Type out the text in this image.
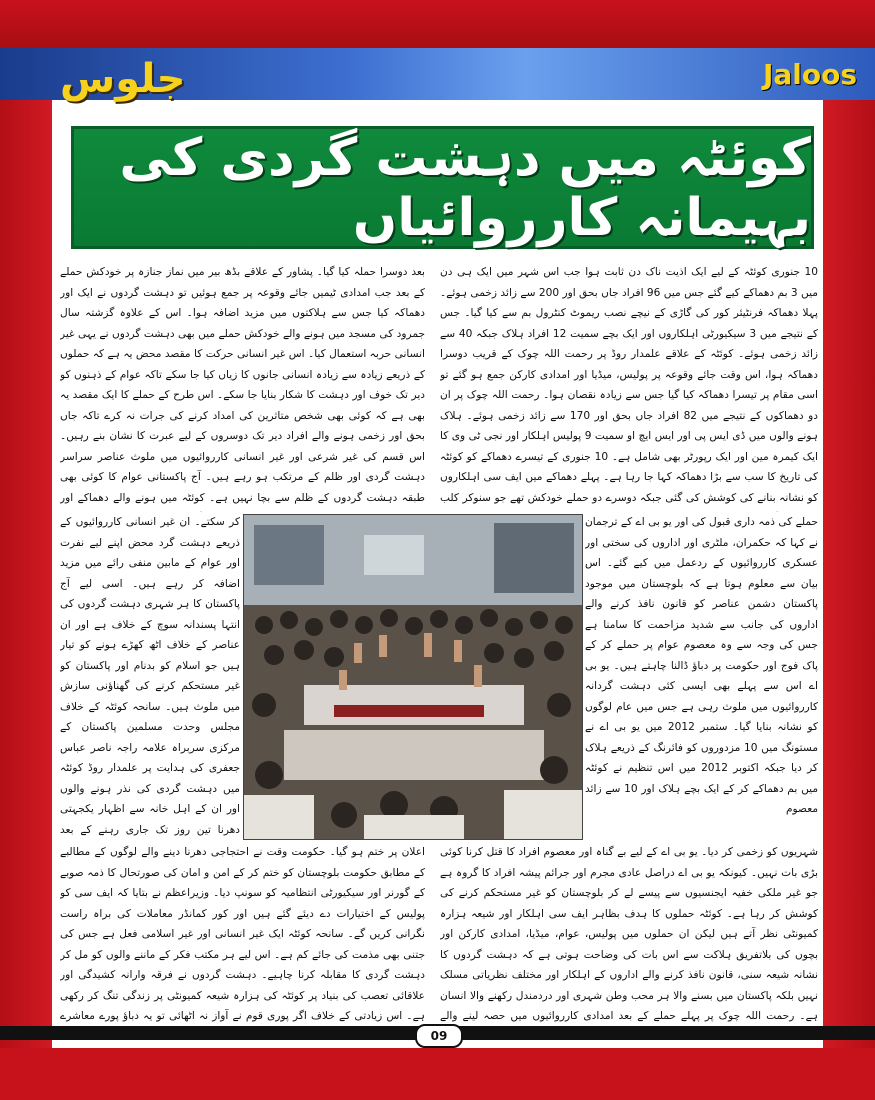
جلوس	Jaloos
کوئٹہ میں دہشت گردی کی بہیمانہ کارروائیاں

10 جنوری کوئٹہ کے لیے ایک اذیت ناک دن ثابت ہوا جب اس شہر میں ایک ہی دن میں 3 بم دھماکے کیے گئے جس میں 96 افراد جاں بحق اور 200 سے زائد زخمی ہوئے۔ پہلا دھماکہ فرنٹیئر کور کی گاڑی کے نیچے نصب ریموٹ کنٹرول بم سے کیا گیا۔ جس کے نتیجے میں 3 سیکیورٹی اہلکاروں اور ایک بچے سمیت 12 افراد ہلاک جبکہ 40 سے زائد زخمی ہوئے۔ کوئٹہ کے علاقے علمدار روڈ پر رحمت اللہ چوک کے قریب دوسرا دھماکہ ہوا، اس وقت جائے وقوعہ پر پولیس، میڈیا اور امدادی کارکن جمع ہو گئے تو اسی مقام پر تیسرا دھماکہ کیا گیا جس سے زیادہ نقصان ہوا۔ رحمت اللہ چوک پر ان دو دھماکوں کے نتیجے میں 82 افراد جاں بحق اور 170 سے زائد زخمی ہوئے۔ ہلاک ہونے والوں میں ڈی ایس پی اور ایس ایچ او سمیت 9 پولیس اہلکار اور نجی ٹی وی کا ایک کیمرہ مین اور ایک رپورٹر بھی شامل ہے۔ 10 جنوری کے تیسرے دھماکے کو کوئٹہ کی تاریخ کا سب سے بڑا دھماکہ کہا جا رہا ہے۔ پہلے دھماکے میں ایف سی اہلکاروں کو نشانہ بنانے کی کوشش کی گئی جبکہ دوسرے دو حملے خودکش تھے جو سنوکر کلب

بعد دوسرا حملہ کیا گیا۔ پشاور کے علاقے بڈھ بیر میں نماز جنازہ پر خودکش حملے کے بعد جب امدادی ٹیمیں جائے وقوعہ پر جمع ہوئیں تو دہشت گردوں نے ایک اور دھماکہ کیا جس سے ہلاکتوں میں مزید اضافہ ہوا۔ اس کے علاوہ گزشتہ سال جمرود کی مسجد میں ہونے والے خودکش حملے میں بھی دہشت گردوں نے یہی غیر انسانی حربہ استعمال کیا۔ اس غیر انسانی حرکت کا مقصد محض یہ ہے کہ حملوں کے ذریعے زیادہ سے زیادہ انسانی جانوں کا زیاں کیا جا سکے تاکہ عوام کے ذہنوں کو دیر تک خوف اور دہشت کا شکار بنایا جا سکے۔ اس طرح کے حملے کا ایک مقصد یہ بھی ہے کہ کوئی بھی شخص متاثرین کی امداد کرنے کی جرات نہ کرے تاکہ جاں بحق اور زخمی ہونے والے افراد دیر تک دوسروں کے لیے عبرت کا نشان بنے رہیں۔ اس قسم کی غیر شرعی اور غیر انسانی کارروائیوں میں ملوث عناصر سراسر دہشت گردی اور ظلم کے مرتکب ہو رہے ہیں۔ آج پاکستانی عوام کا کوئی بھی طبقہ دہشت گردوں کے ظلم سے بچا نہیں ہے۔ کوئٹہ میں ہونے والے دھماکے اور

حملے کی ذمہ داری قبول کی اور یو بی اے کے ترجمان نے کہا کہ حکمران، ملٹری اور اداروں کی سختی اور عسکری کارروائیوں کے ردعمل میں کیے گئے۔ اس بیان سے معلوم ہوتا ہے کہ بلوچستان میں موجود پاکستان دشمن عناصر کو قانون نافذ کرنے والے اداروں کی جانب سے شدید مزاحمت کا سامنا ہے جس کی وجہ سے وہ معصوم عوام پر حملے کر کے پاک فوج اور حکومت پر دباؤ ڈالنا چاہتے ہیں۔ یو بی اے اس سے پہلے بھی ایسی کئی دہشت گردانہ کارروائیوں میں ملوث رہی ہے جس میں عام لوگوں کو نشانہ بنایا گیا۔ ستمبر 2012 میں یو بی اے نے مستونگ میں 10 مزدوروں کو فائرنگ کے ذریعے ہلاک کر دیا جبکہ اکتوبر 2012 میں اس تنظیم نے کوئٹہ میں بم دھماکے کر کے ایک بچے ہلاک اور 10 سے زائد معصوم

کر سکتے۔ ان غیر انسانی کارروائیوں کے ذریعے دہشت گرد محض اپنے لیے نفرت اور عوام کے مابین منفی رائے میں مزید اضافہ کر رہے ہیں۔ اسی لیے آج پاکستان کا ہر شہری دہشت گردوں کی انتہا پسندانہ سوچ کے خلاف ہے اور ان عناصر کے خلاف اٹھ کھڑے ہونے کو تیار ہیں جو اسلام کو بدنام اور پاکستان کو غیر مستحکم کرنے کی گھناؤنی سازش میں ملوث ہیں۔ سانحہ کوئٹہ کے خلاف مجلس وحدت مسلمین پاکستان کے مرکزی سربراہ علامہ راجہ ناصر عباس جعفری کی ہدایت پر علمدار روڈ کوئٹہ میں دہشت گردی کی نذر ہونے والوں اور ان کے اہل خانہ سے اظہار یکجہتی دھرنا تین روز تک جاری رہنے کے بعد

شہریوں کو زخمی کر دیا۔ یو بی اے کے لیے بے گناہ اور معصوم افراد کا قتل کرنا کوئی بڑی بات نہیں۔ کیونکہ یو بی اے دراصل عادی مجرم اور جرائم پیشہ افراد کا گروہ ہے جو غیر ملکی خفیہ ایجنسیوں سے پیسے لے کر بلوچستان کو غیر مستحکم کرنے کی کوشش کر رہا ہے۔ کوئٹہ حملوں کا ہدف بظاہر ایف سی اہلکار اور شیعہ ہزارہ کمیونٹی نظر آتے ہیں لیکن ان حملوں میں پولیس، عوام، میڈیا، امدادی کارکن اور بچوں کی بلاتفریق ہلاکت سے اس بات کی وضاحت ہوتی ہے کہ دہشت گردوں کا نشانہ شیعہ سنی، قانون نافذ کرنے والے اداروں کے اہلکار اور مختلف نظریاتی مسلک نہیں بلکہ پاکستان میں بسنے والا ہر محب وطن شہری اور دردمندل رکھنے والا انسان ہے۔ رحمت اللہ چوک پر پہلے حملے کے بعد امدادی کارروائیوں میں حصہ لینے والے

اعلان پر ختم ہو گیا۔ حکومت وقت نے احتجاجی دھرنا دینے والے لوگوں کے مطالبے کے مطابق حکومت بلوچستان کو ختم کر کے امن و امان کی صورتحال کا ذمہ صوبے کے گورنر اور سیکیورٹی انتظامیہ کو سونپ دیا۔ وزیراعظم نے بتایا کہ ایف سی کو پولیس کے اختیارات دے دیئے گئے ہیں اور کور کمانڈر معاملات کی براہ راست نگرانی کریں گے۔ سانحہ کوئٹہ ایک غیر انسانی اور غیر اسلامی فعل ہے جس کی جتنی بھی مذمت کی جائے کم ہے۔ اس لیے ہر مکتب فکر کے ماننے والوں کو مل کر دہشت گردی کا مقابلہ کرنا چاہیے۔ دہشت گردوں نے فرقہ وارانہ کشیدگی اور علاقائی تعصب کی بنیاد پر کوئٹہ کی ہزارہ شیعہ کمیونٹی پر زندگی تنگ کر رکھی ہے۔ اس زیادتی کے خلاف اگر پوری قوم نے آواز نہ اٹھائی تو یہ دباؤ پورے معاشرے

09
